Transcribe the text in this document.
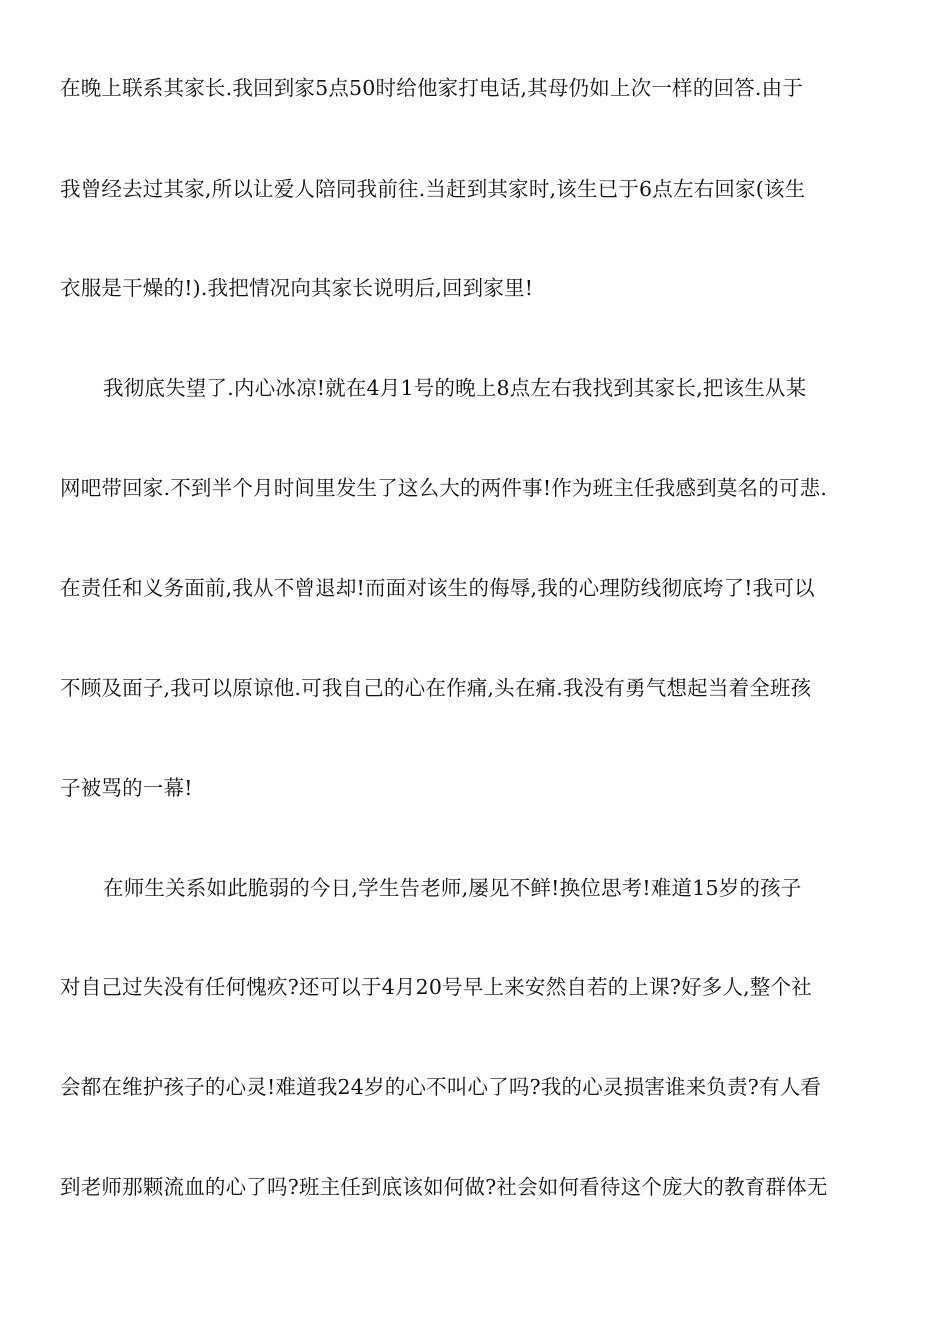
在晚上联系其家长.我回到家5点50时给他家打电话,其母仍如上次一样的回答.由于
我曾经去过其家,所以让爱人陪同我前往.当赶到其家时,该生已于6点左右回家(该生
衣服是干燥的!).我把情况向其家长说明后,回到家里!
我彻底失望了.内心冰凉!就在4月1号的晚上8点左右我找到其家长,把该生从某
网吧带回家.不到半个月时间里发生了这么大的两件事!作为班主任我感到莫名的可悲.
在责任和义务面前,我从不曾退却!而面对该生的侮辱,我的心理防线彻底垮了!我可以
不顾及面子,我可以原谅他.可我自己的心在作痛,头在痛.我没有勇气想起当着全班孩
子被骂的一幕!
在师生关系如此脆弱的今日,学生告老师,屡见不鲜!换位思考!难道15岁的孩子
对自己过失没有任何愧疚?还可以于4月20号早上来安然自若的上课?好多人,整个社
会都在维护孩子的心灵!难道我24岁的心不叫心了吗?我的心灵损害谁来负责?有人看
到老师那颗流血的心了吗?班主任到底该如何做?社会如何看待这个庞大的教育群体无
